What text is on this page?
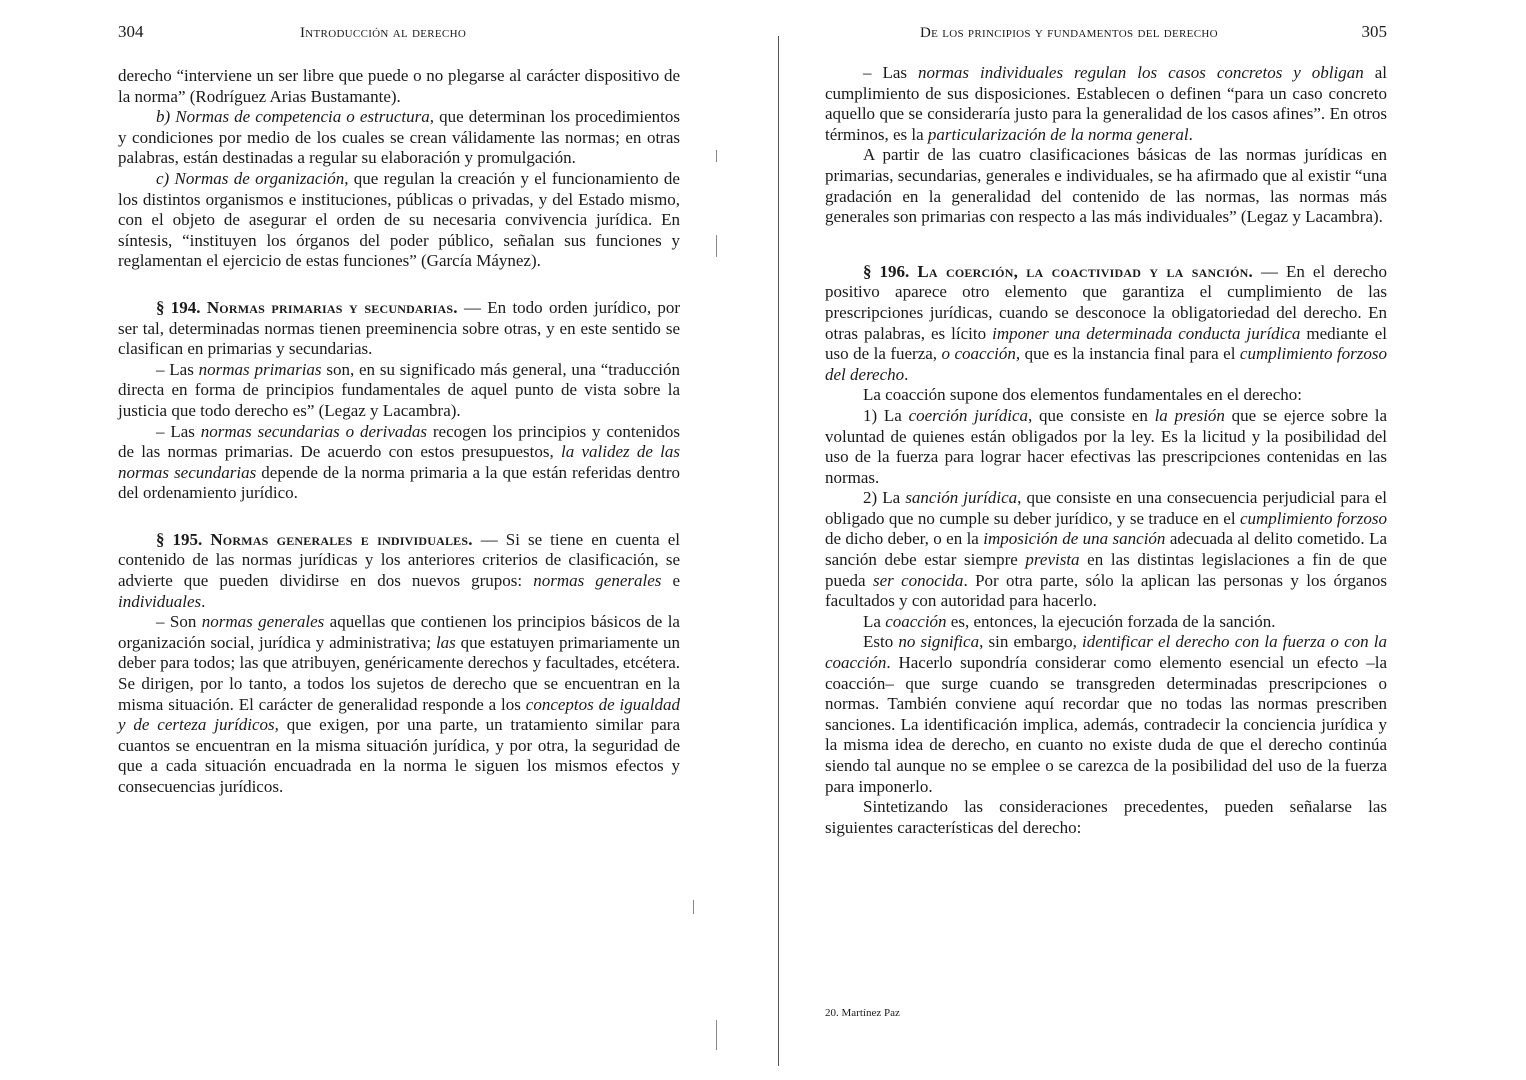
304	Introducción al derecho

derecho “interviene un ser libre que puede o no plegarse al carácter dispositivo de la norma” (Rodríguez Arias Bustamante).

b) Normas de competencia o estructura, que determinan los procedimientos y condiciones por medio de los cuales se crean válidamente las normas; en otras palabras, están destinadas a regular su elaboración y promulgación.

c) Normas de organización, que regulan la creación y el funcionamiento de los distintos organismos e instituciones, públicas o privadas, y del Estado mismo, con el objeto de asegurar el orden de su necesaria convivencia jurídica. En síntesis, “instituyen los órganos del poder público, señalan sus funciones y reglamentan el ejercicio de estas funciones” (García Máynez).

§ 194. Normas primarias y secundarias. — En todo orden jurídico, por ser tal, determinadas normas tienen preeminencia sobre otras, y en este sentido se clasifican en primarias y secundarias.

– Las normas primarias son, en su significado más general, una “traducción directa en forma de principios fundamentales de aquel punto de vista sobre la justicia que todo derecho es” (Legaz y Lacambra).

– Las normas secundarias o derivadas recogen los principios y contenidos de las normas primarias. De acuerdo con estos presupuestos, la validez de las normas secundarias depende de la norma primaria a la que están referidas dentro del ordenamiento jurídico.

§ 195. Normas generales e individuales. — Si se tiene en cuenta el contenido de las normas jurídicas y los anteriores criterios de clasificación, se advierte que pueden dividirse en dos nuevos grupos: normas generales e individuales.

– Son normas generales aquellas que contienen los principios básicos de la organización social, jurídica y administrativa; las que estatuyen primariamente un deber para todos; las que atribuyen, genéricamente derechos y facultades, etcétera. Se dirigen, por lo tanto, a todos los sujetos de derecho que se encuentran en la misma situación. El carácter de generalidad responde a los conceptos de igualdad y de certeza jurídicos, que exigen, por una parte, un tratamiento similar para cuantos se encuentran en la misma situación jurídica, y por otra, la seguridad de que a cada situación encuadrada en la norma le siguen los mismos efectos y consecuencias jurídicos.

De los principios y fundamentos del derecho	305

– Las normas individuales regulan los casos concretos y obligan al cumplimiento de sus disposiciones. Establecen o definen “para un caso concreto aquello que se consideraría justo para la generalidad de los casos afines”. En otros términos, es la particularización de la norma general.

A partir de las cuatro clasificaciones básicas de las normas jurídicas en primarias, secundarias, generales e individuales, se ha afirmado que al existir “una gradación en la generalidad del contenido de las normas, las normas más generales son primarias con respecto a las más individuales” (Legaz y Lacambra).

§ 196. La coerción, la coactividad y la sanción. — En el derecho positivo aparece otro elemento que garantiza el cumplimiento de las prescripciones jurídicas, cuando se desconoce la obligatoriedad del derecho. En otras palabras, es lícito imponer una determinada conducta jurídica mediante el uso de la fuerza, o coacción, que es la instancia final para el cumplimiento forzoso del derecho.

La coacción supone dos elementos fundamentales en el derecho:

1) La coerción jurídica, que consiste en la presión que se ejerce sobre la voluntad de quienes están obligados por la ley. Es la licitud y la posibilidad del uso de la fuerza para lograr hacer efectivas las prescripciones contenidas en las normas.

2) La sanción jurídica, que consiste en una consecuencia perjudicial para el obligado que no cumple su deber jurídico, y se traduce en el cumplimiento forzoso de dicho deber, o en la imposición de una sanción adecuada al delito cometido. La sanción debe estar siempre prevista en las distintas legislaciones a fin de que pueda ser conocida. Por otra parte, sólo la aplican las personas y los órganos facultados y con autoridad para hacerlo.

La coacción es, entonces, la ejecución forzada de la sanción.

Esto no significa, sin embargo, identificar el derecho con la fuerza o con la coacción. Hacerlo supondría considerar como elemento esencial un efecto –la coacción– que surge cuando se transgreden determinadas prescripciones o normas. También conviene aquí recordar que no todas las normas prescriben sanciones. La identificación implica, además, contradecir la conciencia jurídica y la misma idea de derecho, en cuanto no existe duda de que el derecho continúa siendo tal aunque no se emplee o se carezca de la posibilidad del uso de la fuerza para imponerlo.

Sintetizando las consideraciones precedentes, pueden señalarse las siguientes características del derecho:

20. Martínez Paz
